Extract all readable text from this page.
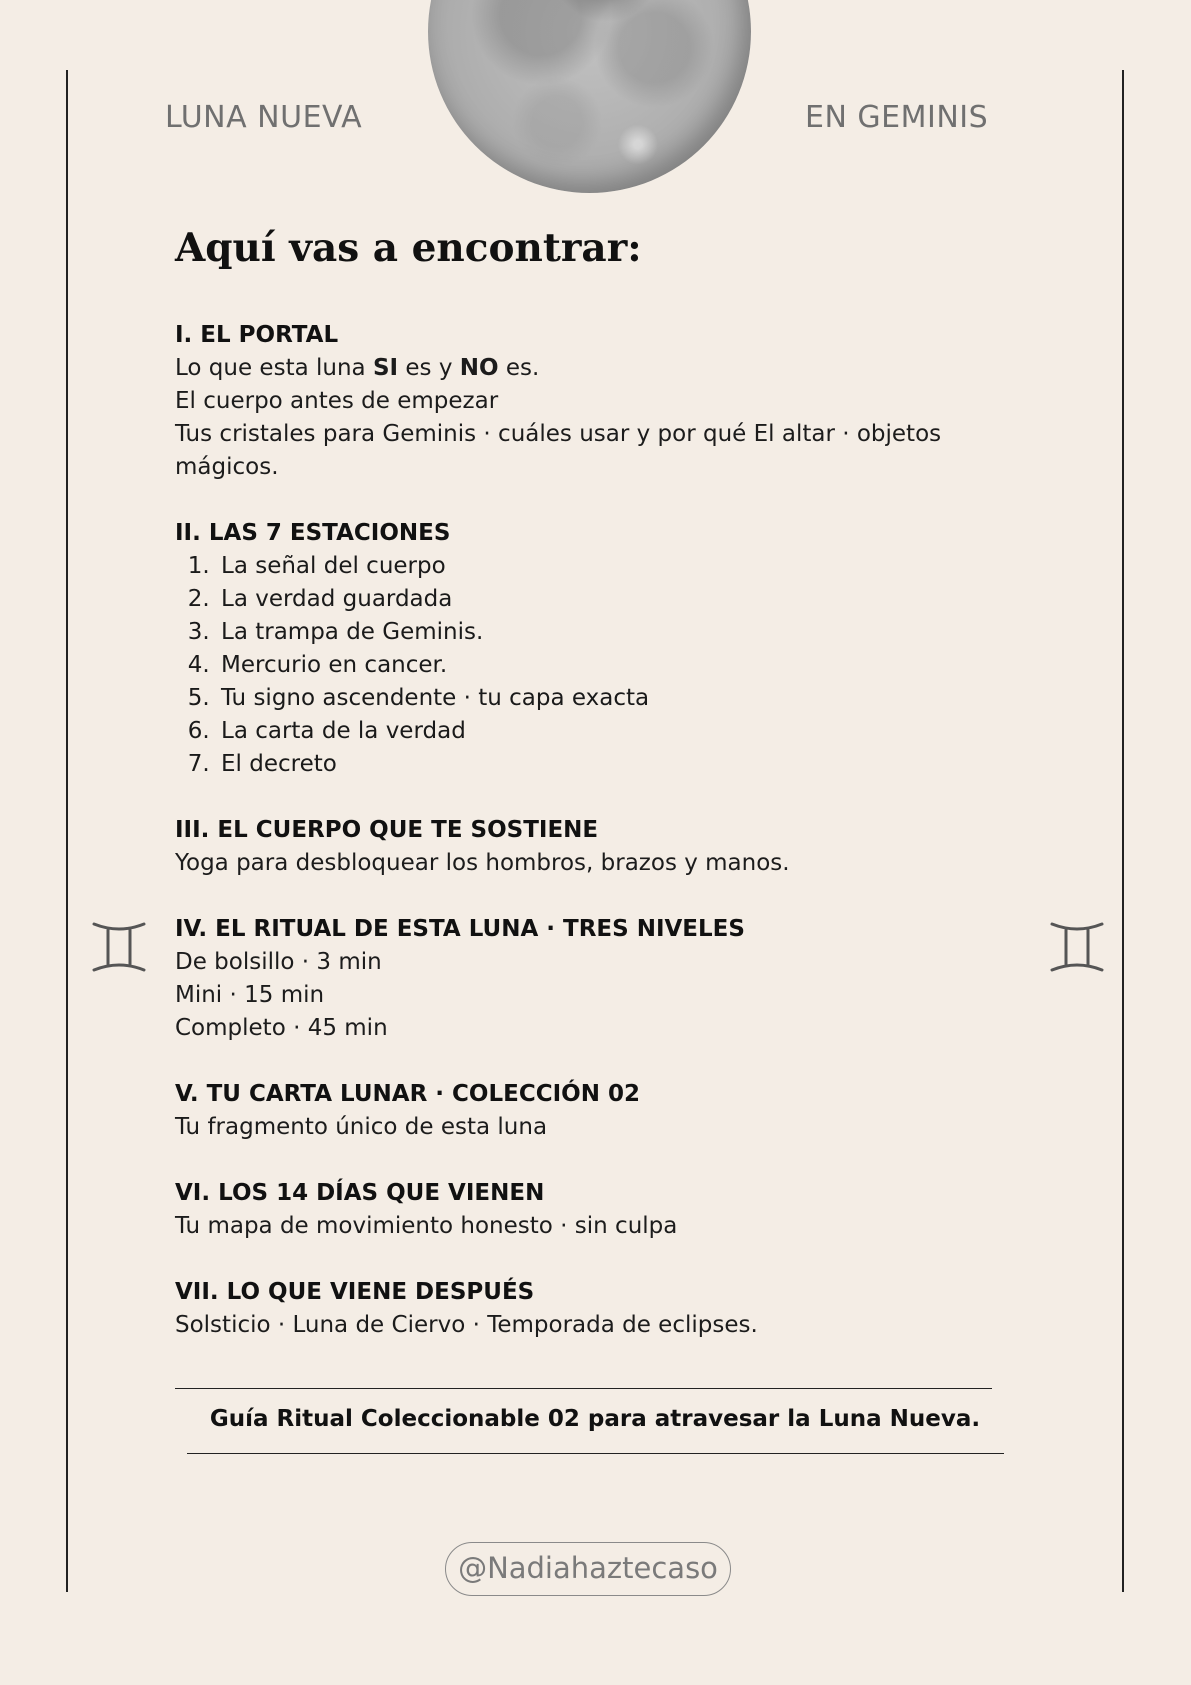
LUNA NUEVA	EN GEMINIS
Aquí vas a encontrar:
I. EL PORTAL
Lo que esta luna SI es y NO es.
El cuerpo antes de empezar
Tus cristales para Geminis · cuáles usar y por qué El altar · objetos mágicos.
II. LAS 7 ESTACIONES
1. La señal del cuerpo
2. La verdad guardada
3. La trampa de Geminis.
4. Mercurio en cancer.
5. Tu signo ascendente · tu capa exacta
6. La carta de la verdad
7. El decreto
III. EL CUERPO QUE TE SOSTIENE
Yoga para desbloquear los hombros, brazos y manos.
IV. EL RITUAL DE ESTA LUNA · TRES NIVELES
De bolsillo · 3 min
Mini · 15 min
Completo · 45 min
V. TU CARTA LUNAR · COLECCIÓN 02
Tu fragmento único de esta luna
VI. LOS 14 DÍAS QUE VIENEN
Tu mapa de movimiento honesto · sin culpa
VII. LO QUE VIENE DESPUÉS
Solsticio · Luna de Ciervo · Temporada de eclipses.
Guía Ritual Coleccionable 02 para atravesar la Luna Nueva.
@Nadiahaztecaso
